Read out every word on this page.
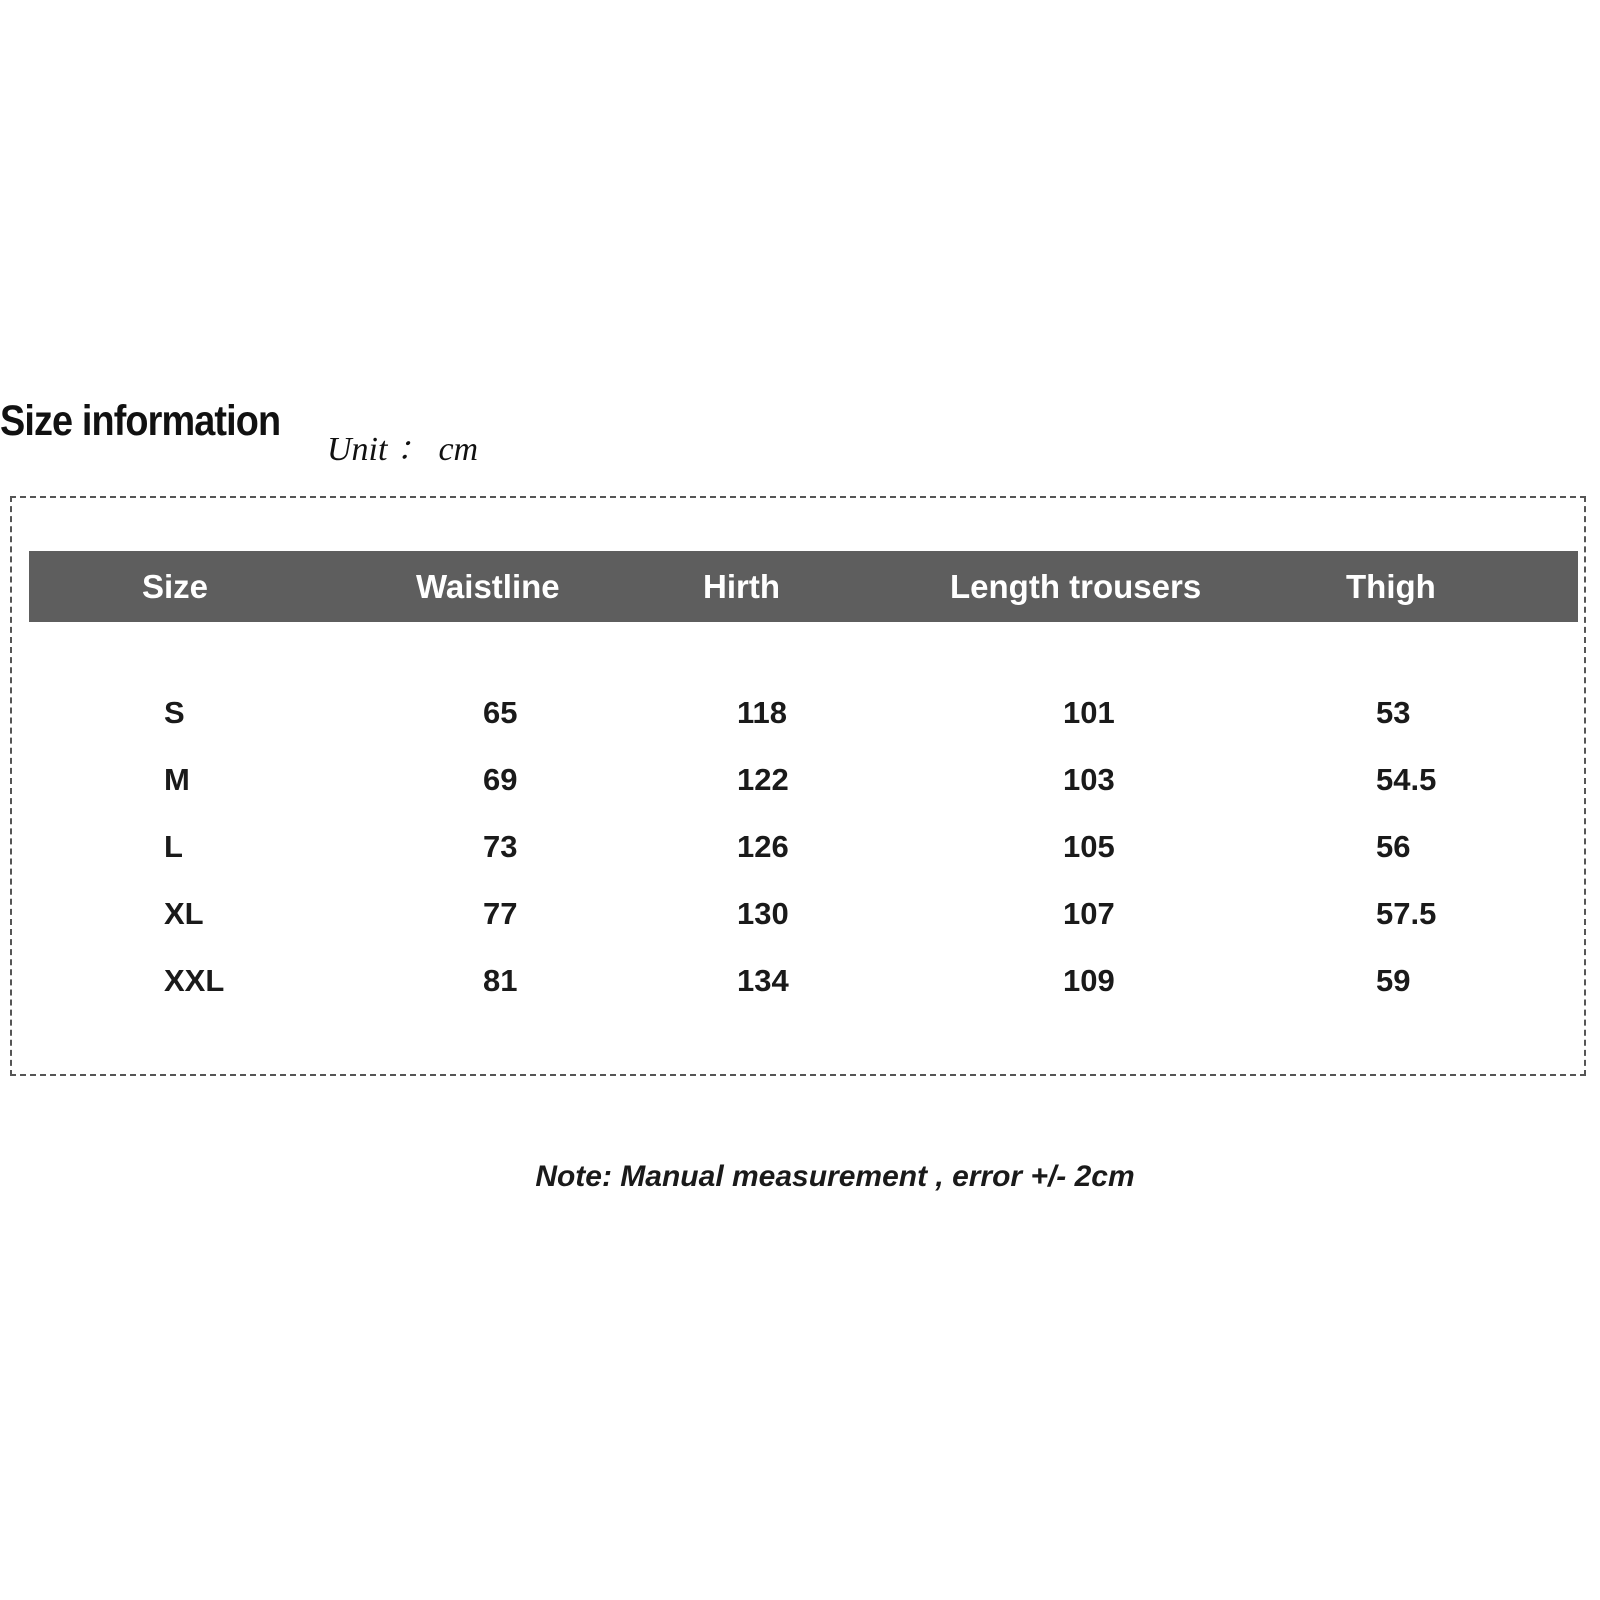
Size information
Unit ： cm
Size	Waistline	Hirth	Length trousers	Thigh
S	65	118	101	53
M	69	122	103	54.5
L	73	126	105	56
XL	77	130	107	57.5
XXL	81	134	109	59
Note: Manual measurement , error +/- 2cm
